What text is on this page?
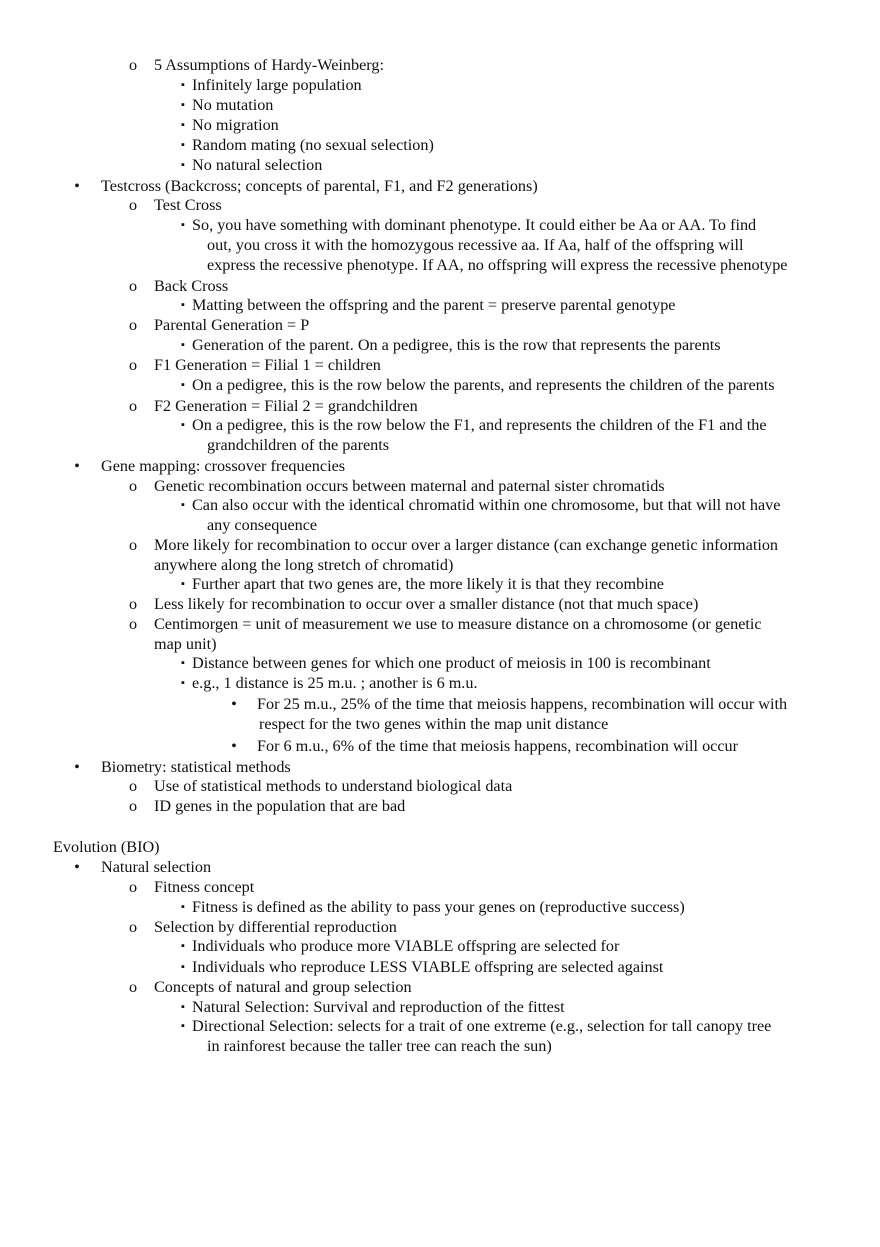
o 5 Assumptions of Hardy-Weinberg:
▪ Infinitely large population
▪ No mutation
▪ No migration
▪ Random mating (no sexual selection)
▪ No natural selection
• Testcross (Backcross; concepts of parental, F1, and F2 generations)
o Test Cross
▪ So, you have something with dominant phenotype. It could either be Aa or AA. To find
out, you cross it with the homozygous recessive aa. If Aa, half of the offspring will
express the recessive phenotype. If AA, no offspring will express the recessive phenotype
o Back Cross
▪ Matting between the offspring and the parent = preserve parental genotype
o Parental Generation = P
▪ Generation of the parent. On a pedigree, this is the row that represents the parents
o F1 Generation = Filial 1 = children
▪ On a pedigree, this is the row below the parents, and represents the children of the parents
o F2 Generation = Filial 2 = grandchildren
▪ On a pedigree, this is the row below the F1, and represents the children of the F1 and the
grandchildren of the parents
• Gene mapping: crossover frequencies
o Genetic recombination occurs between maternal and paternal sister chromatids
▪ Can also occur with the identical chromatid within one chromosome, but that will not have
any consequence
o More likely for recombination to occur over a larger distance (can exchange genetic information
anywhere along the long stretch of chromatid)
▪ Further apart that two genes are, the more likely it is that they recombine
o Less likely for recombination to occur over a smaller distance (not that much space)
o Centimorgen = unit of measurement we use to measure distance on a chromosome (or genetic
map unit)
▪ Distance between genes for which one product of meiosis in 100 is recombinant
▪ e.g., 1 distance is 25 m.u. ; another is 6 m.u.
• For 25 m.u., 25% of the time that meiosis happens, recombination will occur with
respect for the two genes within the map unit distance
• For 6 m.u., 6% of the time that meiosis happens, recombination will occur
• Biometry: statistical methods
o Use of statistical methods to understand biological data
o ID genes in the population that are bad
Evolution (BIO)
• Natural selection
o Fitness concept
▪ Fitness is defined as the ability to pass your genes on (reproductive success)
o Selection by differential reproduction
▪ Individuals who produce more VIABLE offspring are selected for
▪ Individuals who reproduce LESS VIABLE offspring are selected against
o Concepts of natural and group selection
▪ Natural Selection: Survival and reproduction of the fittest
▪ Directional Selection: selects for a trait of one extreme (e.g., selection for tall canopy tree
in rainforest because the taller tree can reach the sun)
